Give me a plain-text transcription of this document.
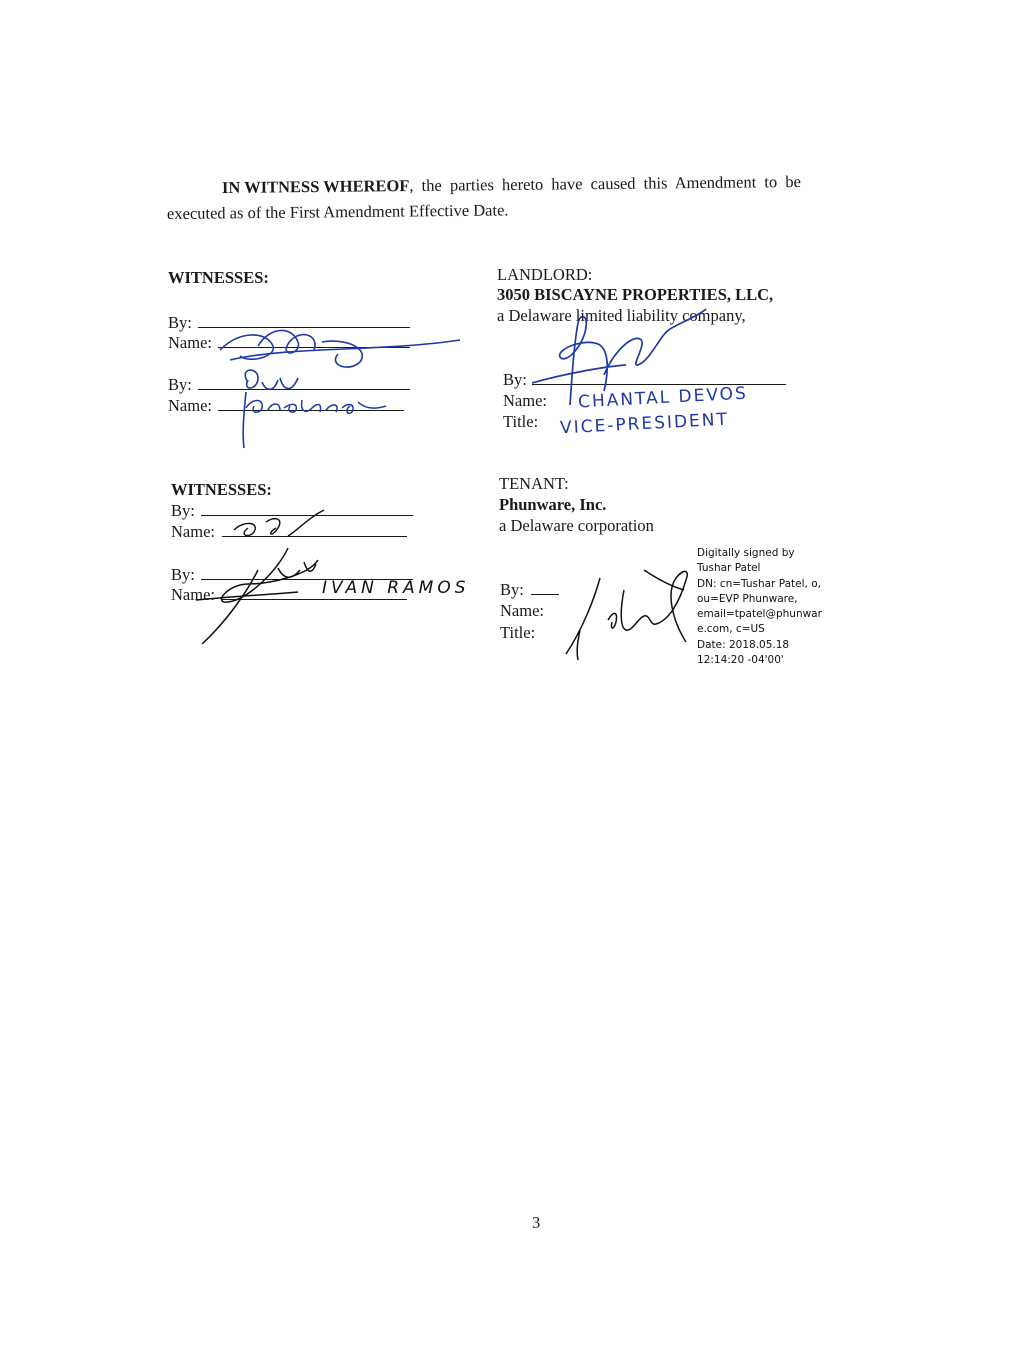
IN WITNESS WHEREOF, the parties hereto have caused this Amendment to be
executed as of the First Amendment Effective Date.
WITNESSES:
By:
Name:
By:
Name:
LANDLORD:
3050 BISCAYNE PROPERTIES, LLC,
a Delaware limited liability company,
By:
Name:
Title:
CHANTAL DEVOS
VICE-PRESIDENT
WITNESSES:
By:
Name:
By:
Name:	IVAN RAMOS
TENANT:
Phunware, Inc.
a Delaware corporation
By:
Name:
Title:
Digitally signed by
Tushar Patel
DN: cn=Tushar Patel, o,
ou=EVP Phunware,
email=tpatel@phunwar
e.com, c=US
Date: 2018.05.18
12:14:20 -04'00'
3
